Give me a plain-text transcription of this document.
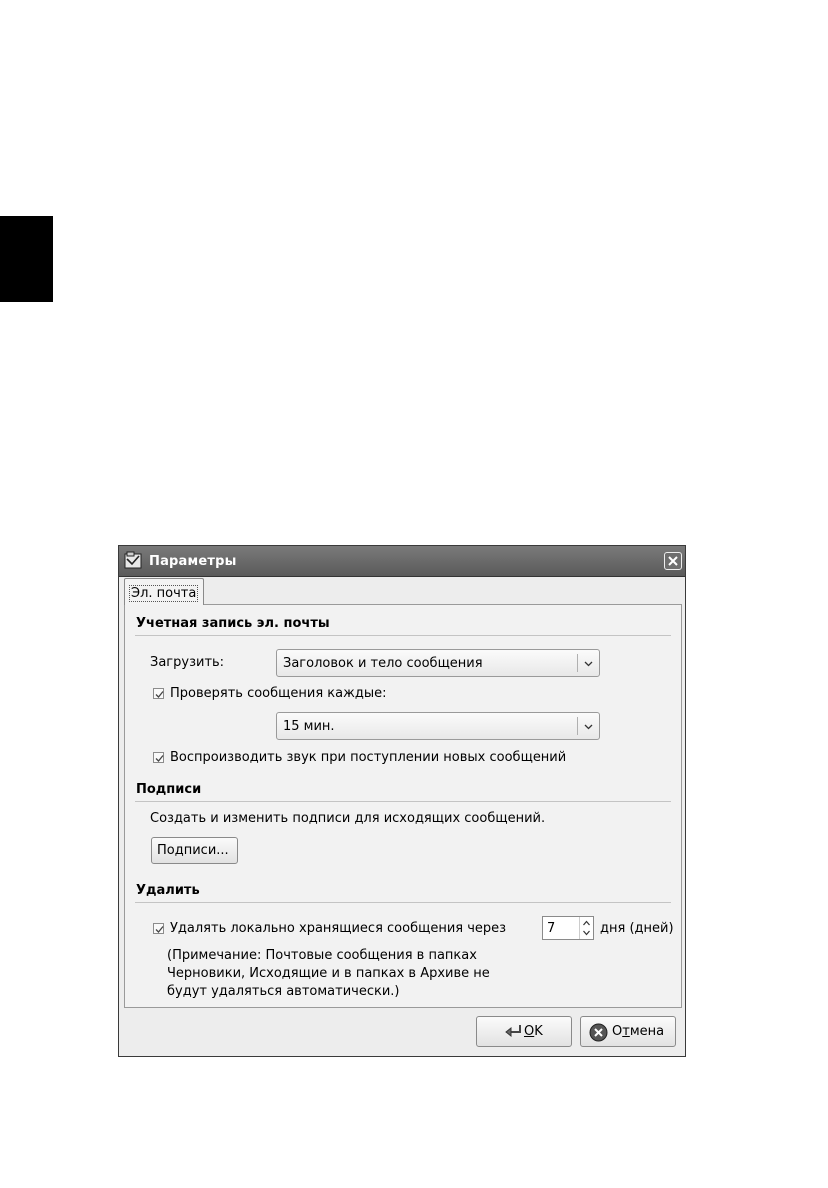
Параметры
Эл. почта
Учетная запись эл. почты
Загрузить:	Заголовок и тело сообщения
Проверять сообщения каждые:
15 мин.
Воспроизводить звук при поступлении новых сообщений
Подписи
Создать и изменить подписи для исходящих сообщений.
Подписи...
Удалить
Удалять локально хранящиеся сообщения через	7	дня (дней)
(Примечание: Почтовые сообщения в папках
Черновики, Исходящие и в папках в Архиве не
будут удаляться автоматически.)
OK	Отмена
